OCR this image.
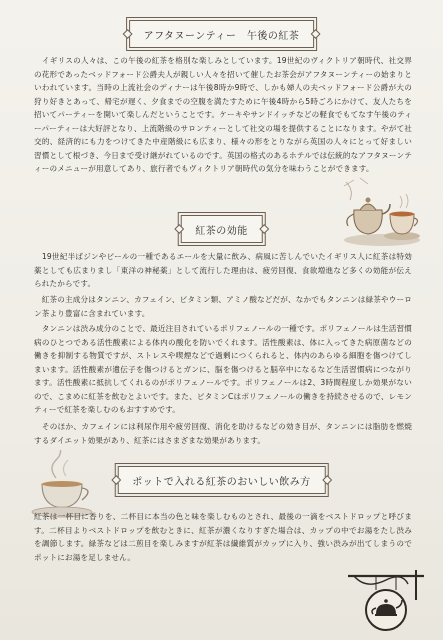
アフタヌーンティー　午後の紅茶

　イギリスの人々は、この午後の紅茶を格別な楽しみとしています。19世紀のヴィクトリア朝時代、社交界の花形であったベッドフォード公爵夫人が親しい人々を招いて催したお茶会がアフタヌーンティーの始まりといわれています。当時の上流社会のディナーは午後8時か9時で、しかも婦人の夫ベッドフォード公爵が大の狩り好きとあって、帰宅が遅く、夕食までの空腹を満たすために午後4時から5時ごろにかけて、友人たちを招いてパーティーを開いて楽しんだということです。ケーキやサンドイッチなどの軽食でもてなす午後のティーパーティーは大好評となり、上流階級のサロンティーとして社交の場を提供することになります。やがて社交的、経済的にも力をつけてきた中産階級にも広まり、様々の形をとりながら英国の人々にとって好ましい習慣として根づき、今日まで受け継がれているのです。英国の格式のあるホテルでは伝統的なアフタヌーンティーのメニューが用意してあり、旅行者でもヴィクトリア朝時代の気分を味わうことができます。

紅茶の効能

　19世紀半ばジンやビールの一種であるエールを大量に飲み、病風に苦しんでいたイギリス人に紅茶は特効薬としても広まりまし「東洋の神秘薬」として流行した理由は、疲労回復、食欲増進など多くの効能が伝えられたからです。

　紅茶の主成分はタンニン、カフェイン、ビタミン類、アミノ酸などだが、なかでもタンニンは緑茶やウーロン茶より豊富に含まれています。

　タンニンは渋み成分のことで、最近注目されているポリフェノールの一種です。ポリフェノールは生活習慣病のひとつである活性酸素による体内の酸化を防いでくれます。活性酸素は、体に入ってきた病原菌などの働きを抑制する物質ですが、ストレスや喫煙などで過剰につくられると、体内のあらゆる細胞を傷つけてしまいます。活性酸素が遺伝子を傷つけるとガンに、脳を傷つけると脳卒中になるなど生活習慣病につながります。活性酸素に抵抗してくれるのがポリフェノールです。ポリフェノールは2、3時間程度しか効果がないので、こまめに紅茶を飲むとよいです。また、ビタミンCはポリフェノールの働きを持続させるので、レモンティーで紅茶を楽しむのもおすすめです。

　そのほか、カフェインには利尿作用や疲労回復、消化を助けるなどの効き目が、タンニンには脂肪を燃焼するダイエット効果があり、紅茶にはさまざまな効果があります。

ポットで入れる紅茶のおいしい飲み方

紅茶は一杯目に香りを、二杯目に本当の色と味を楽しむものとされ、最後の一滴をベストドロップと呼びます。二杯目よりベストドロップを飲むときに、紅茶が濃くなりすぎた場合は、カップの中でお湯をたし渋みを調節します。緑茶などは二煎目を楽しみますが紅茶は繊維質がカップに入り、強い渋みが出てしまうのでポットにお湯を足しません。
